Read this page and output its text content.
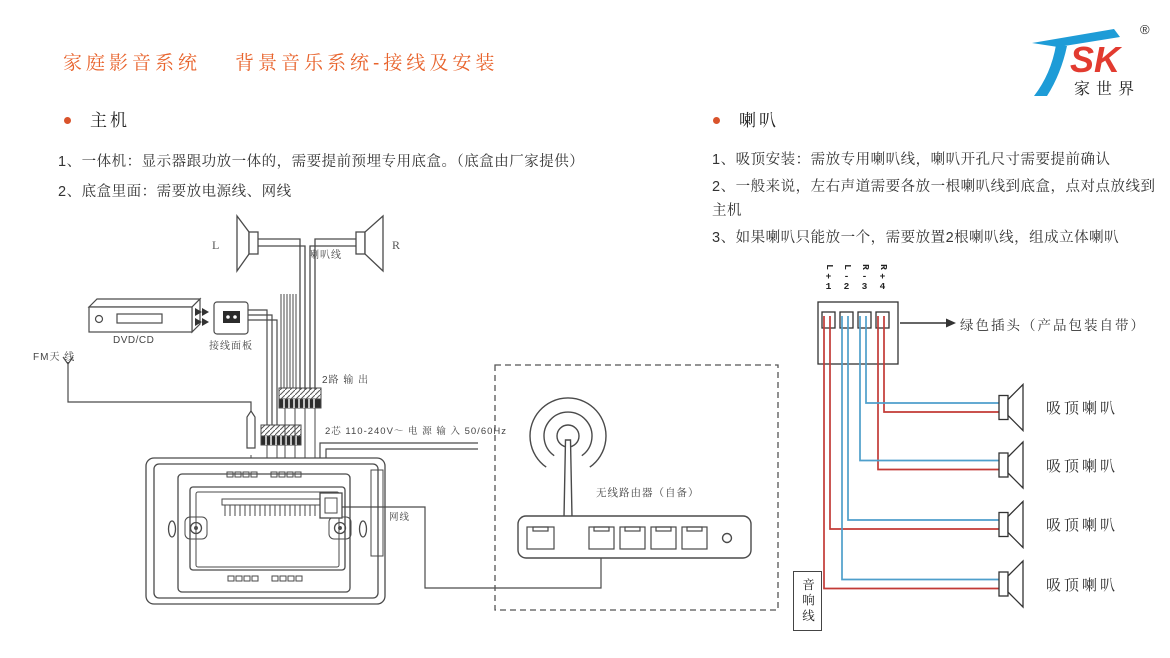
家庭影音系统 背景音乐系统-接线及安装	SK
®
家世界
主机
1、一体机：显示器跟功放一体的，需要提前预埋专用底盒。（底盒由厂家提供）
2、底盒里面：需要放电源线、网线
喇叭
1、吸顶安装：需放专用喇叭线，喇叭开孔尺寸需要提前确认
2、一般来说，左右声道需要各放一根喇叭线到底盒，点对点放线到主机
3、如果喇叭只能放一个，需要放置2根喇叭线，组成立体喇叭
L	R
喇叭线
DVD/CD
接线面板
FM天 线
2路 输 出
2芯 110-240V～ 电 源 输 入 50/60Hz
网线
无线路由器（自备）
L
+
1
L
-
2
R
-
3
R
+
4
绿色插头（产品包装自带）
吸顶喇叭
吸顶喇叭
吸顶喇叭
吸顶喇叭
音响线
